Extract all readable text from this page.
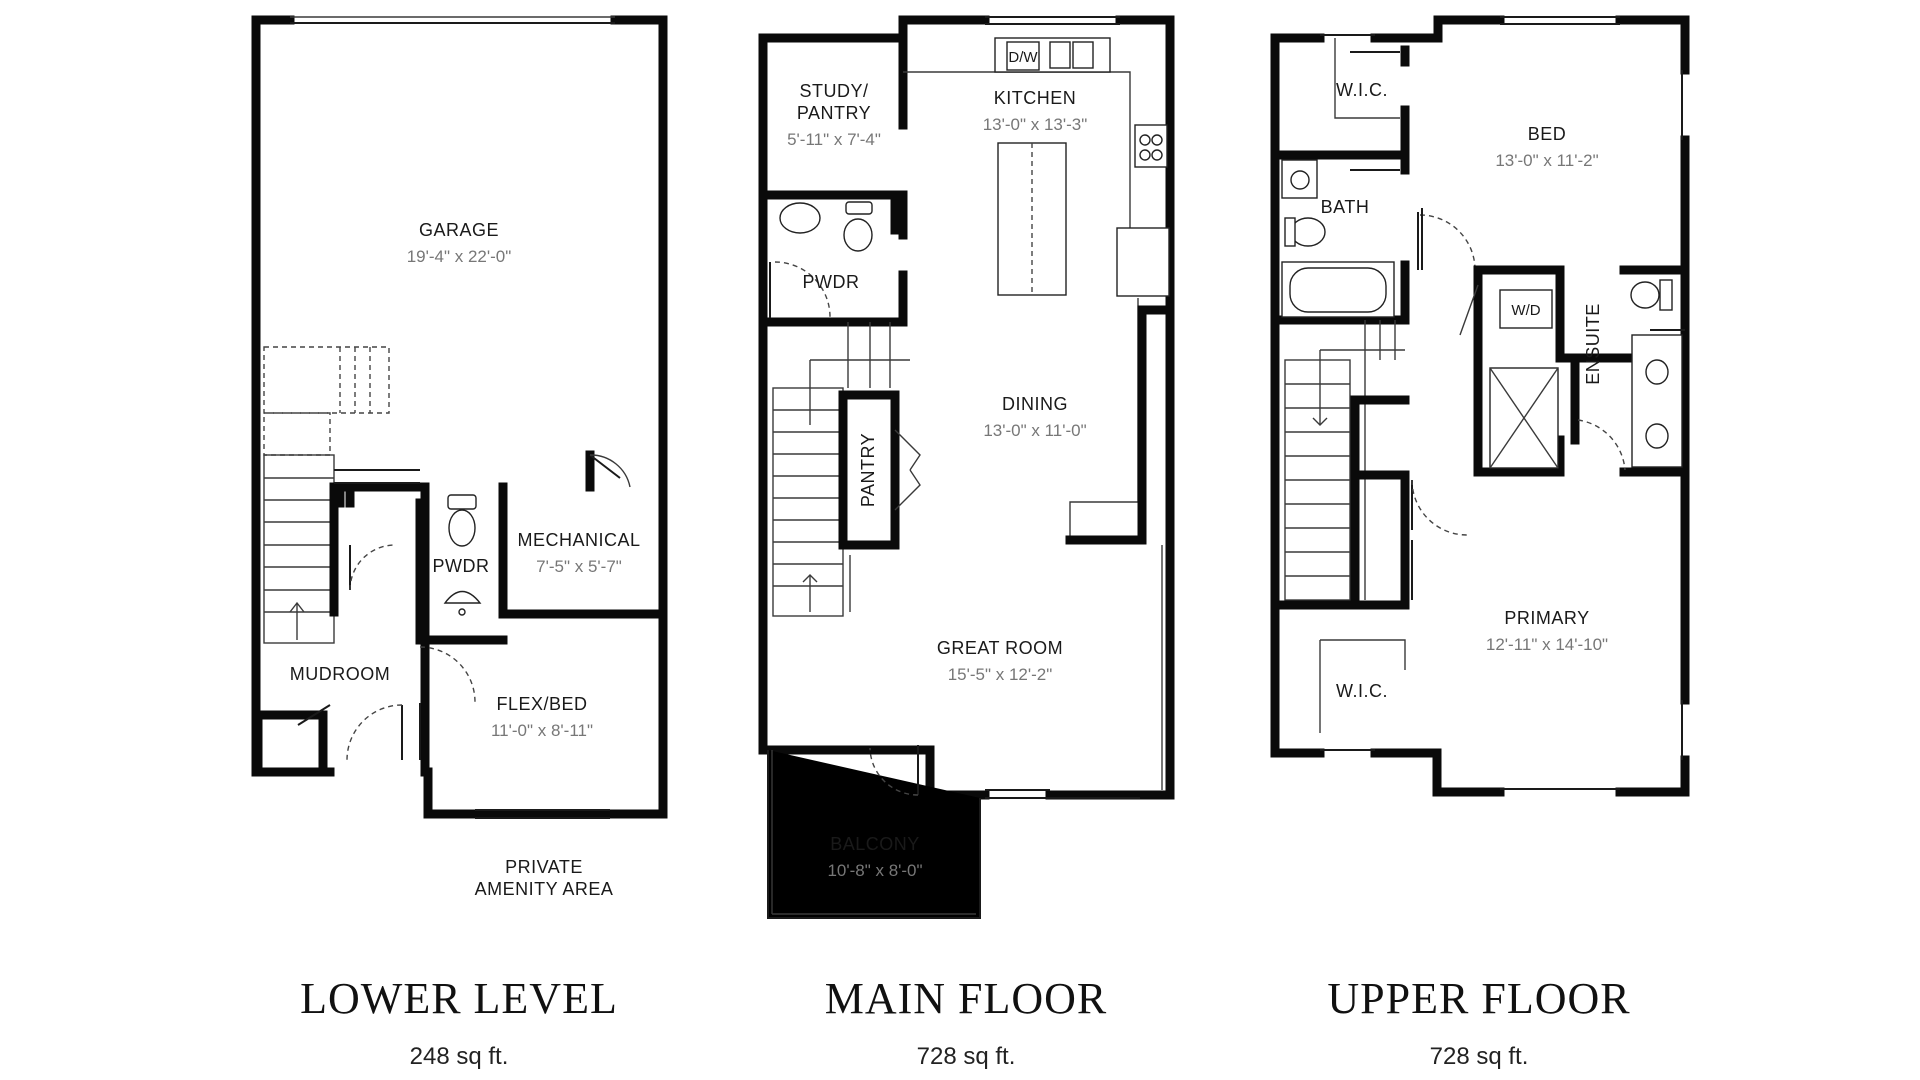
GARAGE
19'-4" x 22'-0"
MECHANICAL
7'-5" x 5'-7"
PWDR
MUDROOM
FLEX/BED
11'-0" x 8'-11"
PRIVATE
AMENITY AREA
STUDY/
PANTRY
5'-11" x 7'-4"
KITCHEN
13'-0" x 13'-3"
PWDR
PANTRY
DINING
13'-0" x 11'-0"
GREAT ROOM
15'-5" x 12'-2"
BALCONY
10'-8" x 8'-0"
D/W
W.I.C.
BED
13'-0" x 11'-2"
BATH
ENSUITE
PRIMARY
12'-11" x 14'-10"
W.I.C.
W/D
LOWER LEVEL
248 sq ft.
MAIN FLOOR
728 sq ft.
UPPER FLOOR
728 sq ft.
